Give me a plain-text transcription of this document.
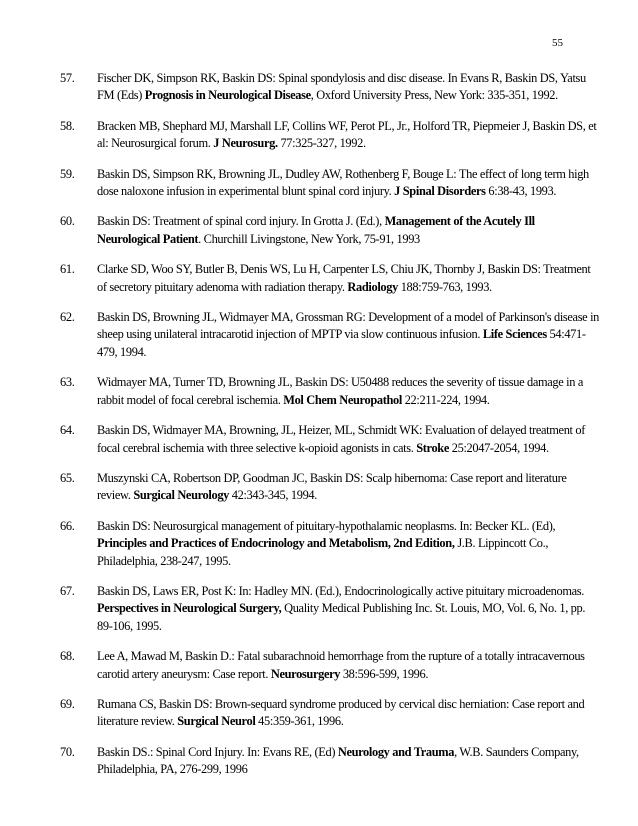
55
57. Fischer DK, Simpson RK, Baskin DS: Spinal spondylosis and disc disease. In Evans R, Baskin DS, Yatsu FM (Eds) Prognosis in Neurological Disease, Oxford University Press, New York: 335-351, 1992.
58. Bracken MB, Shephard MJ, Marshall LF, Collins WF, Perot PL, Jr., Holford TR, Piepmeier J, Baskin DS, et al: Neurosurgical forum. J Neurosurg. 77:325-327, 1992.
59. Baskin DS, Simpson RK, Browning JL, Dudley AW, Rothenberg F, Bouge L: The effect of long term high dose naloxone infusion in experimental blunt spinal cord injury. J Spinal Disorders 6:38-43, 1993.
60. Baskin DS: Treatment of spinal cord injury. In Grotta J. (Ed.), Management of the Acutely Ill Neurological Patient. Churchill Livingstone, New York, 75-91, 1993
61. Clarke SD, Woo SY, Butler B, Denis WS, Lu H, Carpenter LS, Chiu JK, Thornby J, Baskin DS: Treatment of secretory pituitary adenoma with radiation therapy. Radiology 188:759-763, 1993.
62. Baskin DS, Browning JL, Widmayer MA, Grossman RG: Development of a model of Parkinson's disease in sheep using unilateral intracarotid injection of MPTP via slow continuous infusion. Life Sciences 54:471-479, 1994.
63. Widmayer MA, Turner TD, Browning JL, Baskin DS: U50488 reduces the severity of tissue damage in a rabbit model of focal cerebral ischemia. Mol Chem Neuropathol 22:211-224, 1994.
64. Baskin DS, Widmayer MA, Browning, JL, Heizer, ML, Schmidt WK: Evaluation of delayed treatment of focal cerebral ischemia with three selective k-opioid agonists in cats. Stroke 25:2047-2054, 1994.
65. Muszynski CA, Robertson DP, Goodman JC, Baskin DS: Scalp hibernoma: Case report and literature review. Surgical Neurology 42:343-345, 1994.
66. Baskin DS: Neurosurgical management of pituitary-hypothalamic neoplasms. In: Becker KL. (Ed), Principles and Practices of Endocrinology and Metabolism, 2nd Edition, J.B. Lippincott Co., Philadelphia, 238-247, 1995.
67. Baskin DS, Laws ER, Post K: In: Hadley MN. (Ed.), Endocrinologically active pituitary microadenomas. Perspectives in Neurological Surgery, Quality Medical Publishing Inc. St. Louis, MO, Vol. 6, No. 1, pp. 89-106, 1995.
68. Lee A, Mawad M, Baskin D.: Fatal subarachnoid hemorrhage from the rupture of a totally intracavernous carotid artery aneurysm: Case report. Neurosurgery 38:596-599, 1996.
69. Rumana CS, Baskin DS: Brown-sequard syndrome produced by cervical disc herniation: Case report and literature review. Surgical Neurol 45:359-361, 1996.
70. Baskin DS.: Spinal Cord Injury. In: Evans RE, (Ed) Neurology and Trauma, W.B. Saunders Company, Philadelphia, PA, 276-299, 1996
